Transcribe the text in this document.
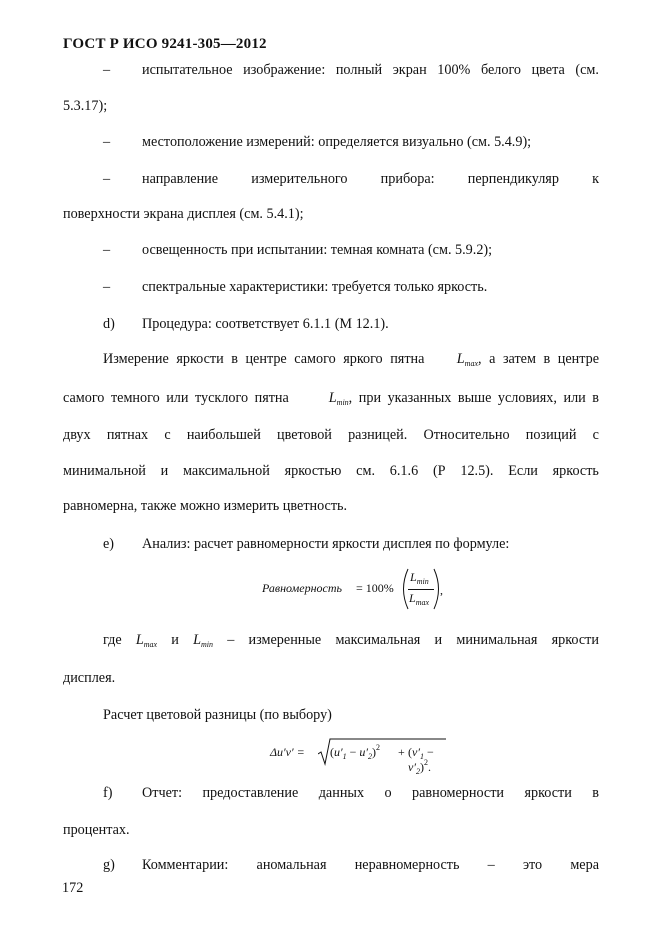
ГОСТ Р ИСО 9241-305—2012
– испытательное изображение: полный экран 100% белого цвета (см.
5.3.17);
– местоположение измерений: определяется визуально (см. 5.4.9);
– направление измерительного прибора: перпендикуляр к
поверхности экрана дисплея (см. 5.4.1);
– освещенность при испытании: темная комната (см. 5.9.2);
– спектральные характеристики: требуется только яркость.
d) Процедура: соответствует 6.1.1 (М 12.1).
Измерение яркости в центре самого яркого пятна $L_{max}$, а затем в центре
самого темного или тусклого пятна	$L_{min}$, при указанных выше условиях, или в
двух пятнах с наибольшей цветовой разницей. Относительно позиций с
минимальной и максимальной яркостью см. 6.1.6 (Р 12.5). Если яркость
равномерна, также можно измерить цветность.
e) Анализ: расчет равномерности яркости дисплея по формуле:
Равномерность = 100%
$L_{min}$
$L_{max}$
,
где $L_{max}$ и $L_{min}$ – измеренные максимальная и минимальная яркости
дисплея.
Расчет цветовой разницы (по выбору)
$\Delta u'v' = (u'_1 - u'_2)^2 + (v'_1 - v'_2)^2$.
f) Отчет: предоставление данных о равномерности яркости в
процентах.
g) Комментарии: аномальная неравномерность – это мера
172
